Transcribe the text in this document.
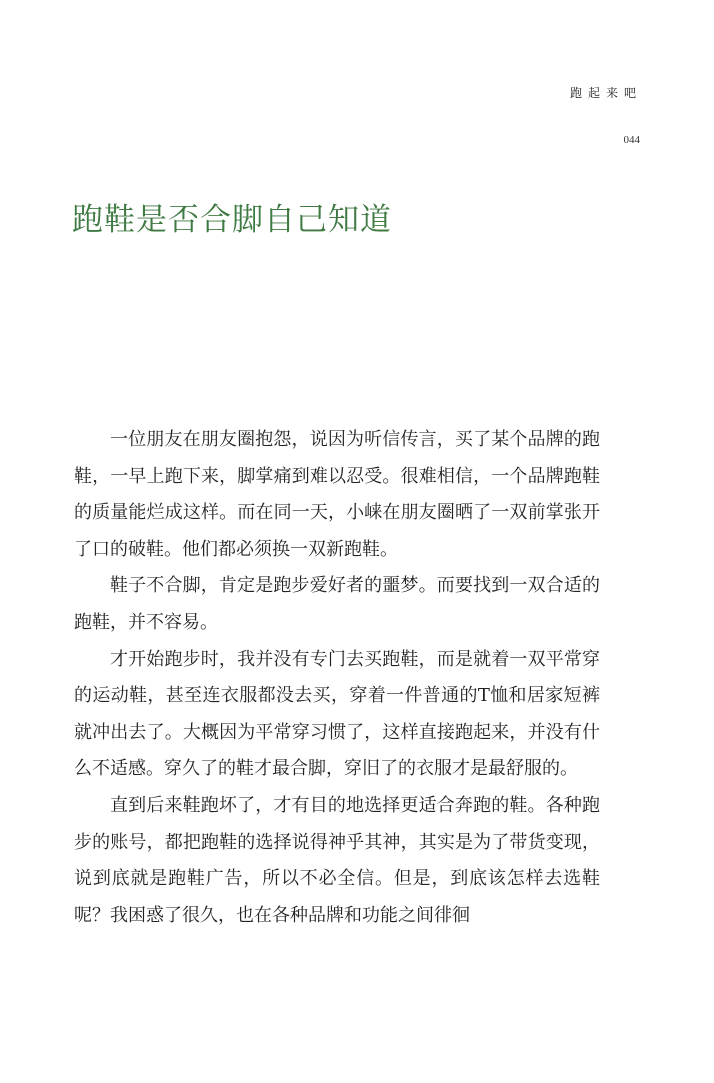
跑起来吧
044
跑鞋是否合脚自己知道

一位朋友在朋友圈抱怨，说因为听信传言，买了某个品牌的跑鞋，一早上跑下来，脚掌痛到难以忍受。很难相信，一个品牌跑鞋的质量能烂成这样。而在同一天，小崃在朋友圈晒了一双前掌张开了口的破鞋。他们都必须换一双新跑鞋。

鞋子不合脚，肯定是跑步爱好者的噩梦。而要找到一双合适的跑鞋，并不容易。

才开始跑步时，我并没有专门去买跑鞋，而是就着一双平常穿的运动鞋，甚至连衣服都没去买，穿着一件普通的T恤和居家短裤就冲出去了。大概因为平常穿习惯了，这样直接跑起来，并没有什么不适感。穿久了的鞋才最合脚，穿旧了的衣服才是最舒服的。

直到后来鞋跑坏了，才有目的地选择更适合奔跑的鞋。各种跑步的账号，都把跑鞋的选择说得神乎其神，其实是为了带货变现，说到底就是跑鞋广告，所以不必全信。但是，到底该怎样去选鞋呢？我困惑了很久，也在各种品牌和功能之间徘徊
